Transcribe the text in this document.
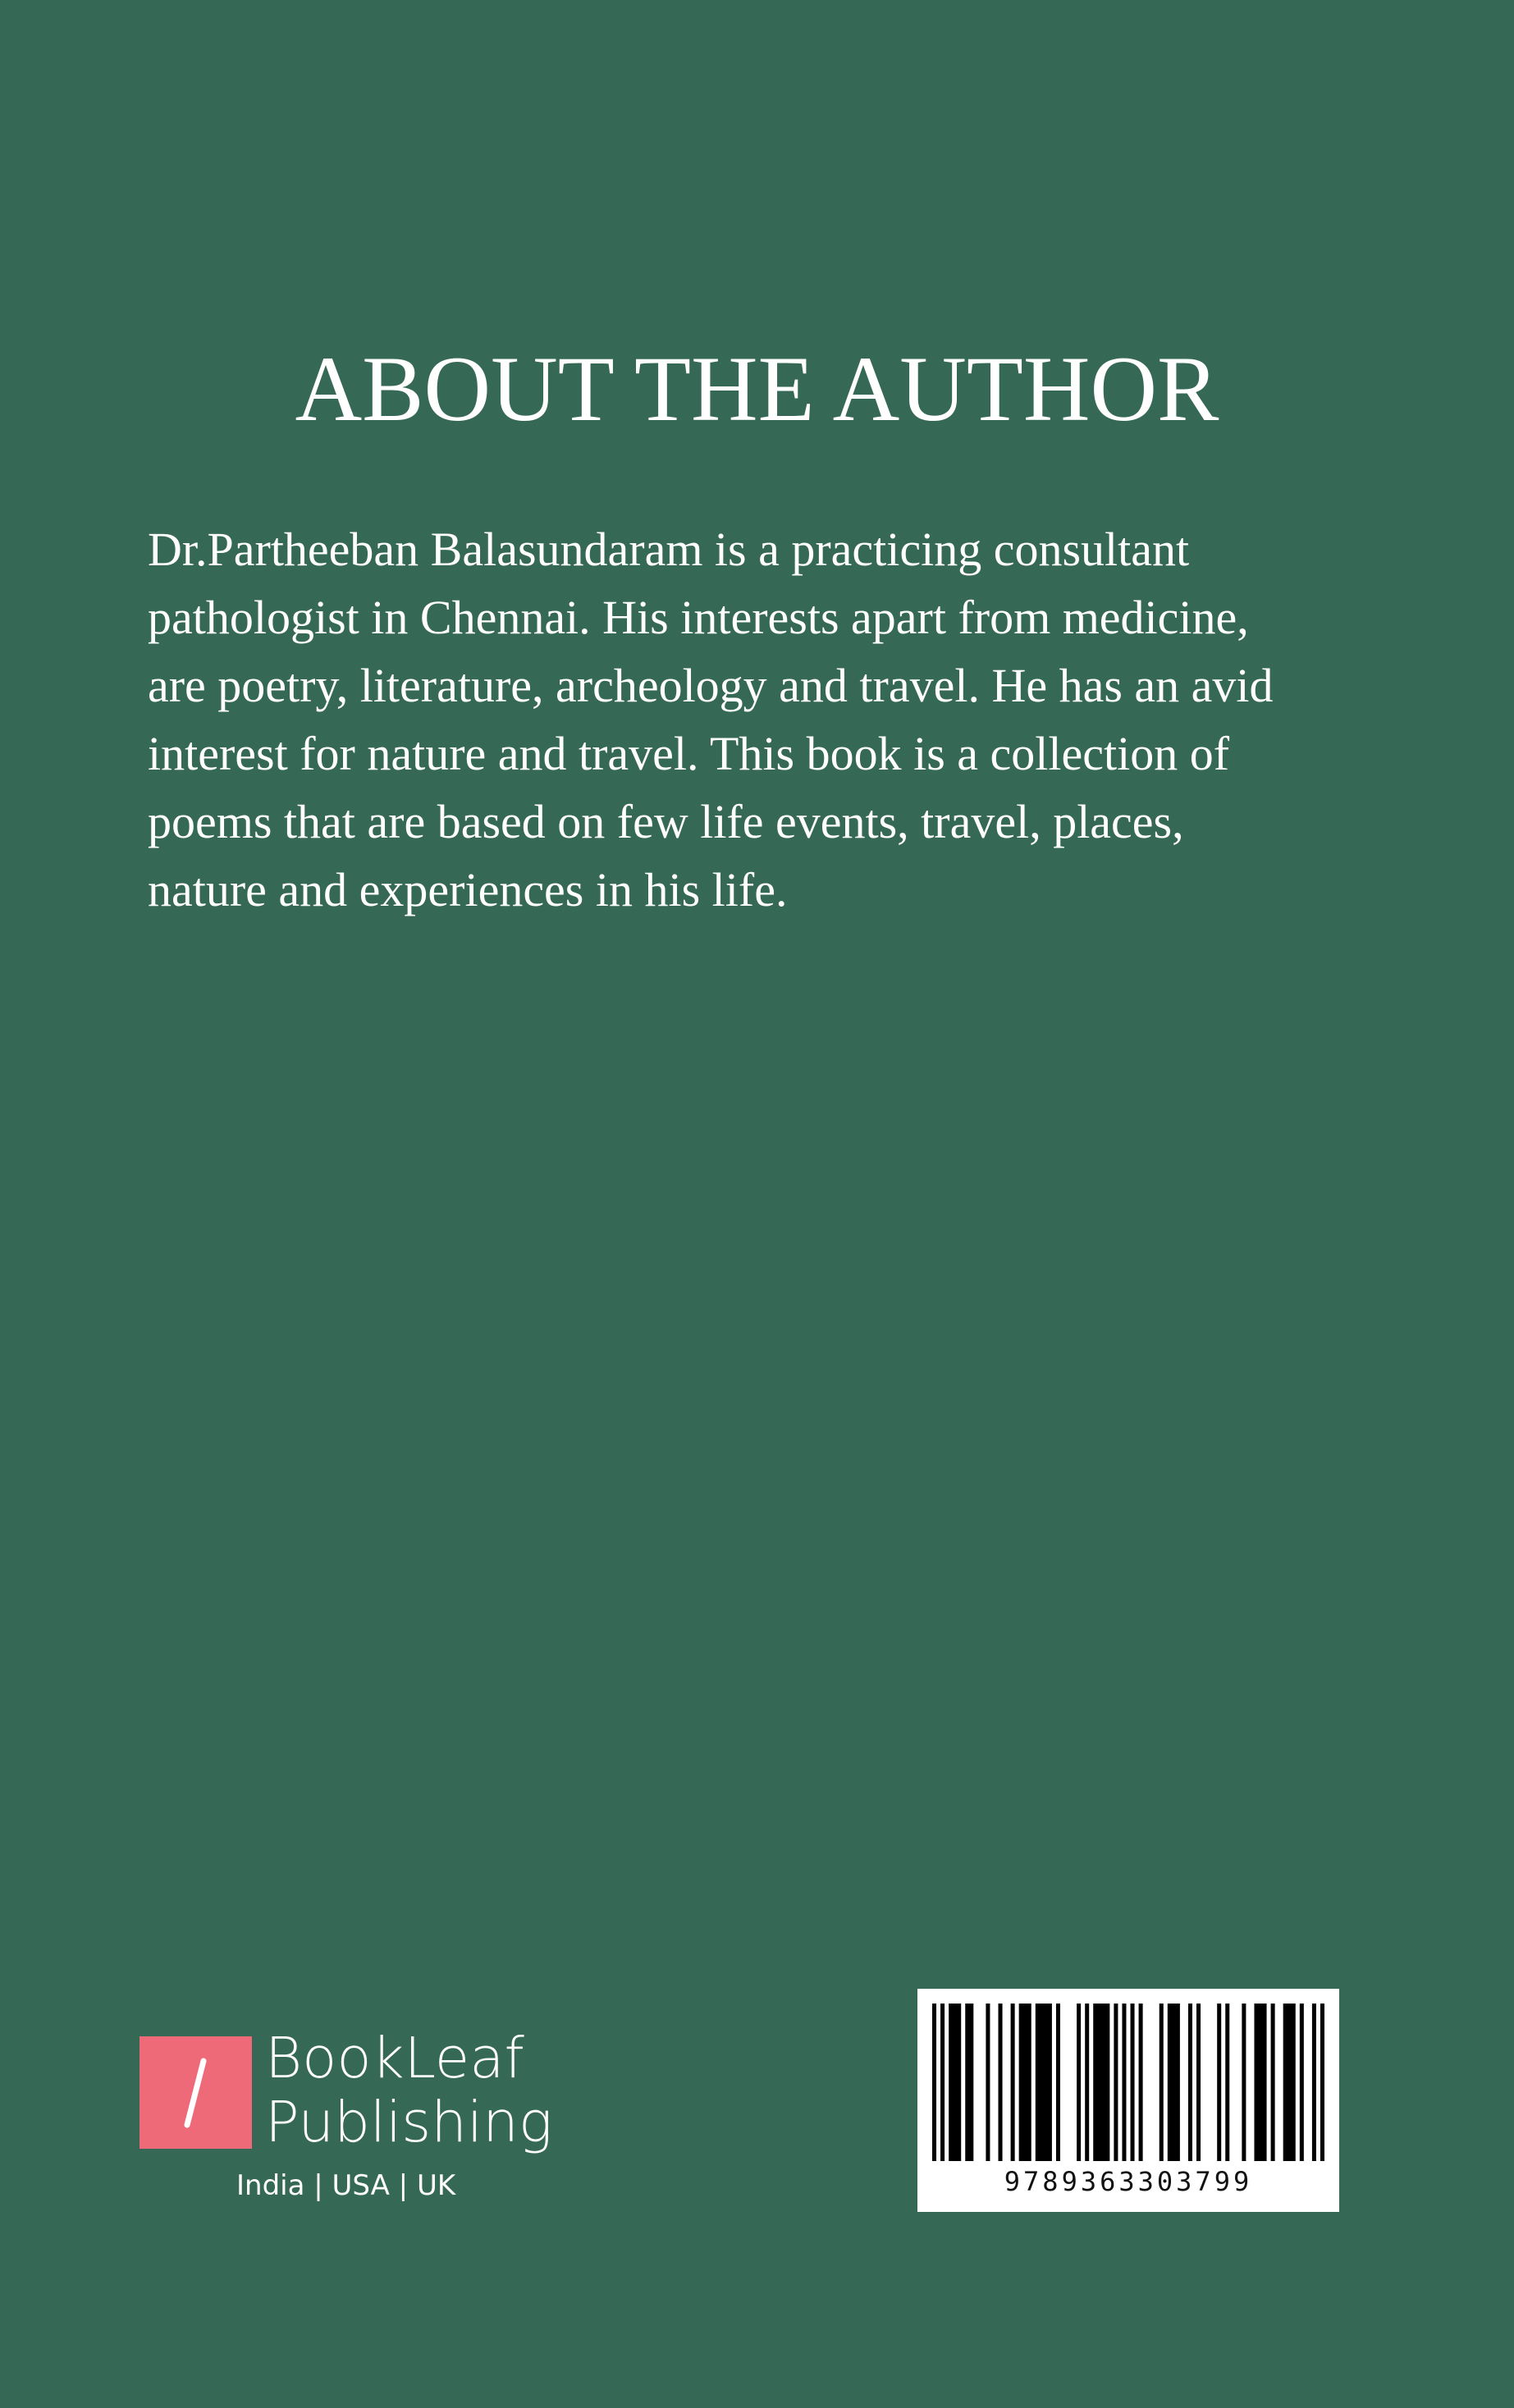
ABOUT THE AUTHOR

Dr.Partheeban Balasundaram is a practicing consultant
pathologist in Chennai. His interests apart from medicine,
are poetry, literature, archeology and travel. He has an avid
interest for nature and travel. This book is a collection of
poems that are based on few life events, travel, places,
nature and experiences in his life.

BookLeaf
Publishing
India | USA | UK	9789363303799
